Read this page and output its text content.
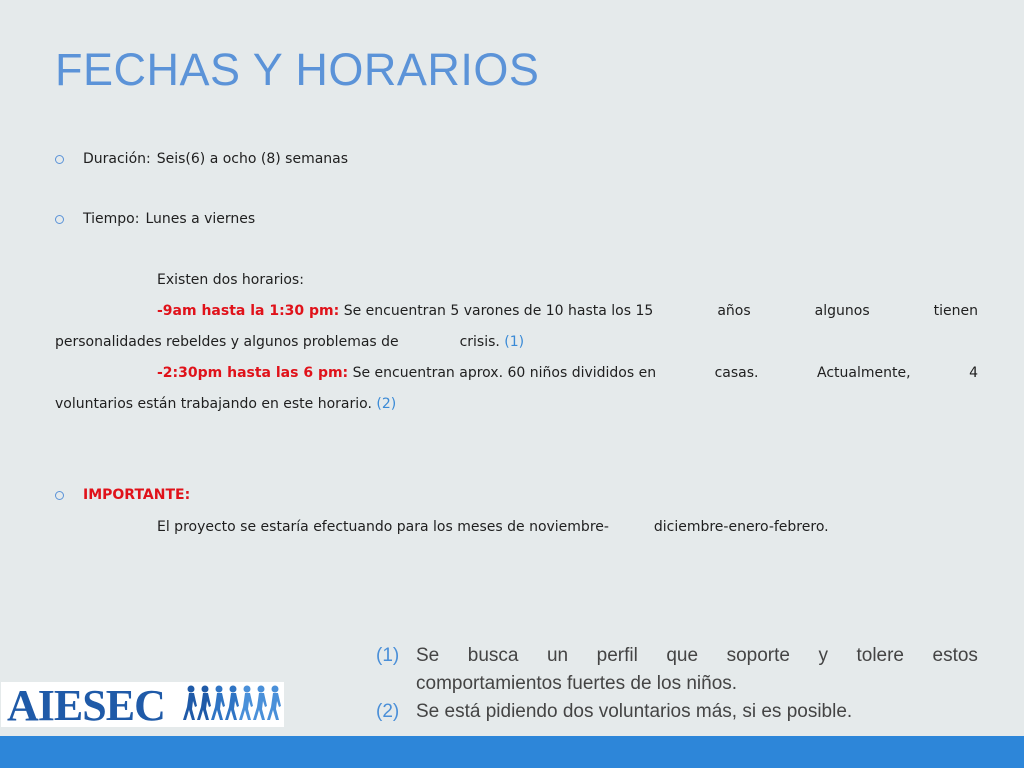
FECHAS Y HORARIOS
Duración: Seis(6) a ocho (8) semanas
Tiempo: Lunes a viernes
Existen dos horarios:
-9am hasta la 1:30 pm: Se encuentran 5 varones de 10 hasta los 15	años	algunos	tienen
personalidades rebeldes y algunos problemas de	crisis. (1)
-2:30pm hasta las 6 pm: Se encuentran aprox. 60 niños divididos en	casas.	Actualmente,	4
voluntarios están trabajando en este horario. (2)
IMPORTANTE:
El proyecto se estaría efectuando para los meses de noviembre-	diciembre-enero-febrero.
(1) Se busca un perfil que soporte y tolere estos
comportamientos fuertes de los niños.
(2) Se está pidiendo dos voluntarios más, si es posible.
AIESEC
